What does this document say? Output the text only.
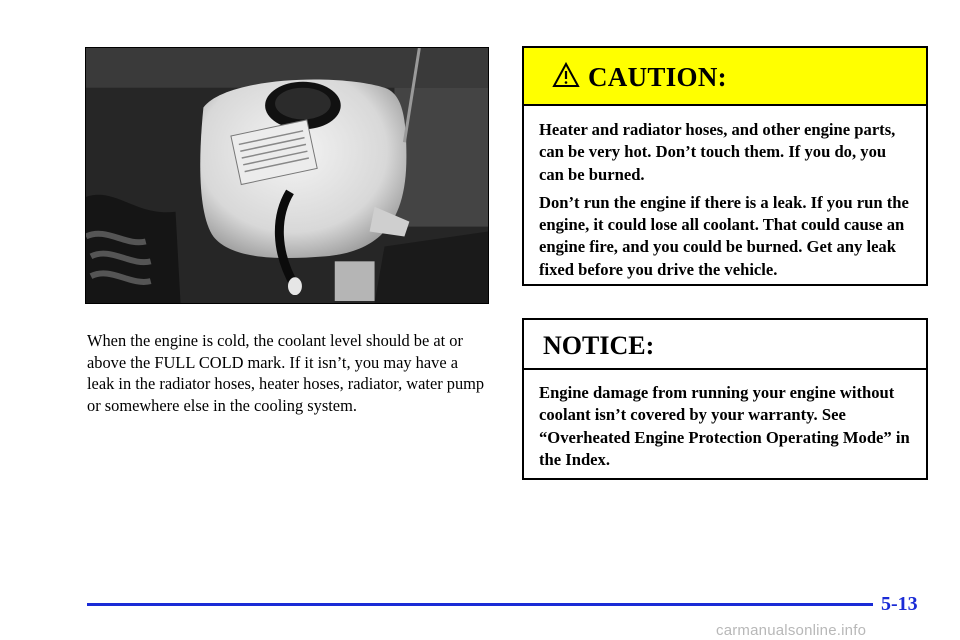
When the engine is cold, the coolant level should be at or above the FULL COLD mark. If it isn’t, you may have a leak in the radiator hoses, heater hoses, radiator, water pump or somewhere else in the cooling system.

CAUTION:

Heater and radiator hoses, and other engine parts, can be very hot. Don’t touch them. If you do, you can be burned.

Don’t run the engine if there is a leak. If you run the engine, it could lose all coolant. That could cause an engine fire, and you could be burned. Get any leak fixed before you drive the vehicle.

NOTICE:

Engine damage from running your engine without coolant isn’t covered by your warranty. See “Overheated Engine Protection Operating Mode” in the Index.

5-13
carmanualsonline.info
